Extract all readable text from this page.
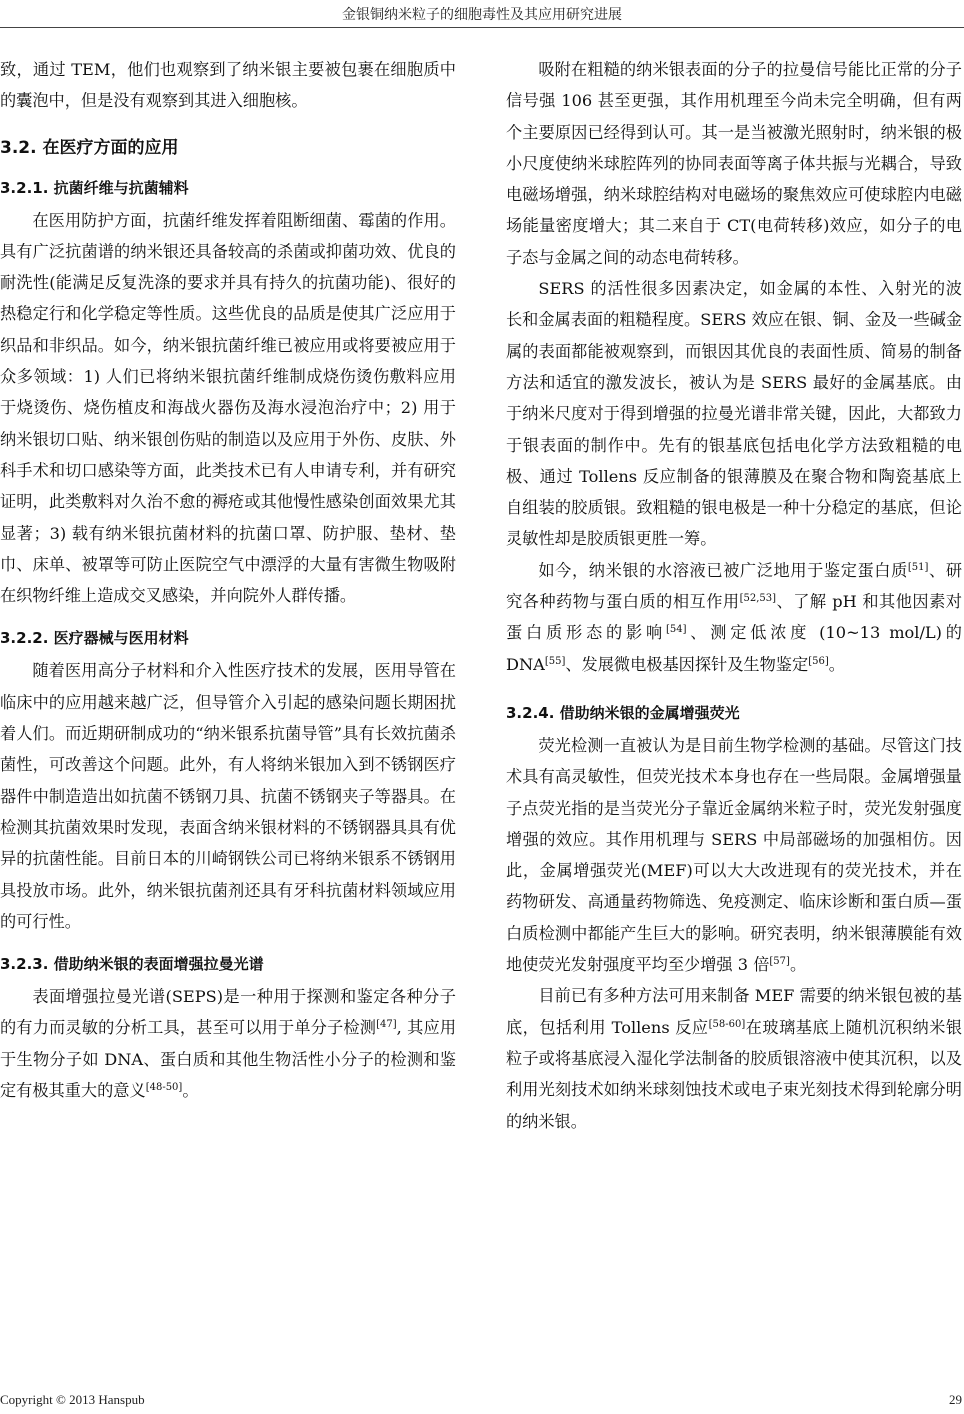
金银铜纳米粒子的细胞毒性及其应用研究进展

致，通过 TEM，他们也观察到了纳米银主要被包裹在细胞质中的囊泡中，但是没有观察到其进入细胞核。

3.2. 在医疗方面的应用
3.2.1. 抗菌纤维与抗菌辅料

在医用防护方面，抗菌纤维发挥着阻断细菌、霉菌的作用。具有广泛抗菌谱的纳米银还具备较高的杀菌或抑菌功效、优良的耐洗性(能满足反复洗涤的要求并具有持久的抗菌功能)、很好的热稳定行和化学稳定等性质。这些优良的品质是使其广泛应用于织品和非织品。如今，纳米银抗菌纤维已被应用或将要被应用于众多领域：1) 人们已将纳米银抗菌纤维制成烧伤烫伤敷料应用于烧烫伤、烧伤植皮和海战火器伤及海水浸泡治疗中；2) 用于纳米银切口贴、纳米银创伤贴的制造以及应用于外伤、皮肤、外科手术和切口感染等方面，此类技术已有人申请专利，并有研究证明，此类敷料对久治不愈的褥疮或其他慢性感染创面效果尤其显著；3) 载有纳米银抗菌材料的抗菌口罩、防护服、垫材、垫巾、床单、被罩等可防止医院空气中漂浮的大量有害微生物吸附在织物纤维上造成交叉感染，并向院外人群传播。

3.2.2. 医疗器械与医用材料

随着医用高分子材料和介入性医疗技术的发展，医用导管在临床中的应用越来越广泛，但导管介入引起的感染问题长期困扰着人们。而近期研制成功的“纳米银系抗菌导管”具有长效抗菌杀菌性，可改善这个问题。此外，有人将纳米银加入到不锈钢医疗器件中制造造出如抗菌不锈钢刀具、抗菌不锈钢夹子等器具。在检测其抗菌效果时发现，表面含纳米银材料的不锈钢器具具有优异的抗菌性能。目前日本的川崎钢铁公司已将纳米银系不锈钢用具投放市场。此外，纳米银抗菌剂还具有牙科抗菌材料领域应用的可行性。

3.2.3. 借助纳米银的表面增强拉曼光谱

表面增强拉曼光谱(SEPS)是一种用于探测和鉴定各种分子的有力而灵敏的分析工具，甚至可以用于单分子检测[47], 其应用于生物分子如 DNA、蛋白质和其他生物活性小分子的检测和鉴定有极其重大的意义[48-50]。

吸附在粗糙的纳米银表面的分子的拉曼信号能比正常的分子信号强 106 甚至更强，其作用机理至今尚未完全明确，但有两个主要原因已经得到认可。其一是当被激光照射时，纳米银的极小尺度使纳米球腔阵列的协同表面等离子体共振与光耦合，导致电磁场增强，纳米球腔结构对电磁场的聚焦效应可使球腔内电磁场能量密度增大；其二来自于 CT(电荷转移)效应，如分子的电子态与金属之间的动态电荷转移。

SERS 的活性很多因素决定，如金属的本性、入射光的波长和金属表面的粗糙程度。SERS 效应在银、铜、金及一些碱金属的表面都能被观察到，而银因其优良的表面性质、简易的制备方法和适宜的激发波长，被认为是 SERS 最好的金属基底。由于纳米尺度对于得到增强的拉曼光谱非常关键，因此，大都致力于银表面的制作中。先有的银基底包括电化学方法致粗糙的电极、通过 Tollens 反应制备的银薄膜及在聚合物和陶瓷基底上自组装的胶质银。致粗糙的银电极是一种十分稳定的基底，但论灵敏性却是胶质银更胜一筹。

如今，纳米银的水溶液已被广泛地用于鉴定蛋白质[51]、研究各种药物与蛋白质的相互作用[52,53]、了解 pH 和其他因素对蛋白质形态的影响[54]、测定低浓度 (10~13 mol/L)的 DNA[55]、发展微电极基因探针及生物鉴定[56]。

3.2.4. 借助纳米银的金属增强荧光

荧光检测一直被认为是目前生物学检测的基础。尽管这门技术具有高灵敏性，但荧光技术本身也存在一些局限。金属增强量子点荧光指的是当荧光分子靠近金属纳米粒子时，荧光发射强度增强的效应。其作用机理与 SERS 中局部磁场的加强相仿。因此，金属增强荧光(MEF)可以大大改进现有的荧光技术，并在药物研发、高通量药物筛选、免疫测定、临床诊断和蛋白质—蛋白质检测中都能产生巨大的影响。研究表明，纳米银薄膜能有效地使荧光发射强度平均至少增强 3 倍[57]。

目前已有多种方法可用来制备 MEF 需要的纳米银包被的基底，包括利用 Tollens 反应[58-60]在玻璃基底上随机沉积纳米银粒子或将基底浸入湿化学法制备的胶质银溶液中使其沉积，以及利用光刻技术如纳米球刻蚀技术或电子束光刻技术得到轮廓分明的纳米银。

Copyright © 2013 Hanspub	29
